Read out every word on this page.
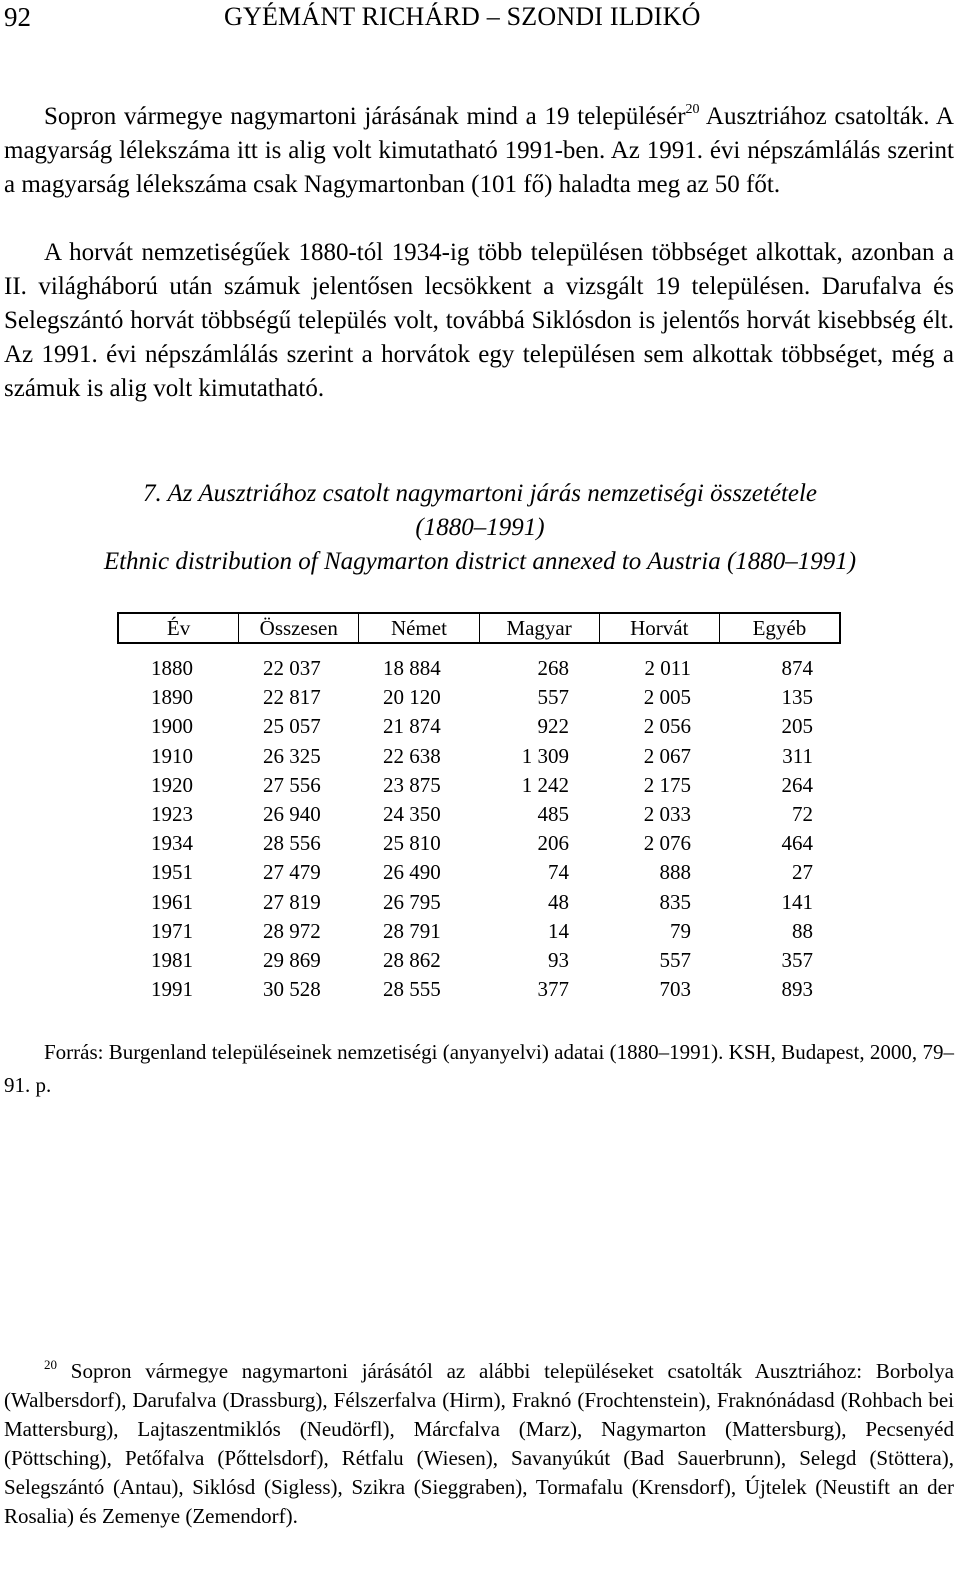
92	GYÉMÁNT RICHÁRD – SZONDI ILDIKÓ
Sopron vármegye nagymartoni járásának mind a 19 településér$^{20}$ Ausztriához csatolták. A magyarság lélekszáma itt is alig volt kimutatható 1991-ben. Az 1991. évi népszámlálás szerint a magyarság lélekszáma csak Nagymartonban (101 fő) haladta meg az 50 főt.
A horvát nemzetiségűek 1880-tól 1934-ig több településen többséget alkottak, azonban a II. világháború után számuk jelentősen lecsökkent a vizsgált 19 településen. Darufalva és Selegszántó horvát többségű település volt, továbbá Siklósdon is jelentős horvát kisebbség élt. Az 1991. évi népszámlálás szerint a horvátok egy településen sem alkottak többséget, még a számuk is alig volt kimutatható.
7. Az Ausztriához csatolt nagymartoni járás nemzetiségi összetétele
(1880–1991)
Ethnic distribution of Nagymarton district annexed to Austria (1880–1991)
Év	Összesen	Német	Magyar	Horvát	Egyéb
1880	22 037	18 884	268	2 011	874
1890	22 817	20 120	557	2 005	135
1900	25 057	21 874	922	2 056	205
1910	26 325	22 638	1 309	2 067	311
1920	27 556	23 875	1 242	2 175	264
1923	26 940	24 350	485	2 033	72
1934	28 556	25 810	206	2 076	464
1951	27 479	26 490	74	888	27
1961	27 819	26 795	48	835	141
1971	28 972	28 791	14	79	88
1981	29 869	28 862	93	557	357
1991	30 528	28 555	377	703	893
Forrás: Burgenland településeinek nemzetiségi (anyanyelvi) adatai (1880–1991). KSH, Budapest, 2000, 79–91. p.
$^{20}$ Sopron vármegye nagymartoni járásától az alábbi településeket csatolták Ausztriához: Borbolya (Walbersdorf), Darufalva (Drassburg), Félszerfalva (Hirm), Fraknó (Frochtenstein), Fraknónádasd (Rohbach bei Mattersburg), Lajtaszentmiklós (Neudörfl), Márcfalva (Marz), Nagymarton (Mattersburg), Pecsenyéd (Pöttsching), Petőfalva (Pőttelsdorf), Rétfalu (Wiesen), Savanyúkút (Bad Sauerbrunn), Selegd (Stöttera), Selegszántó (Antau), Siklósd (Sigless), Szikra (Sieggraben), Tormafalu (Krensdorf), Újtelek (Neustift an der Rosalia) és Zemenye (Zemendorf).
